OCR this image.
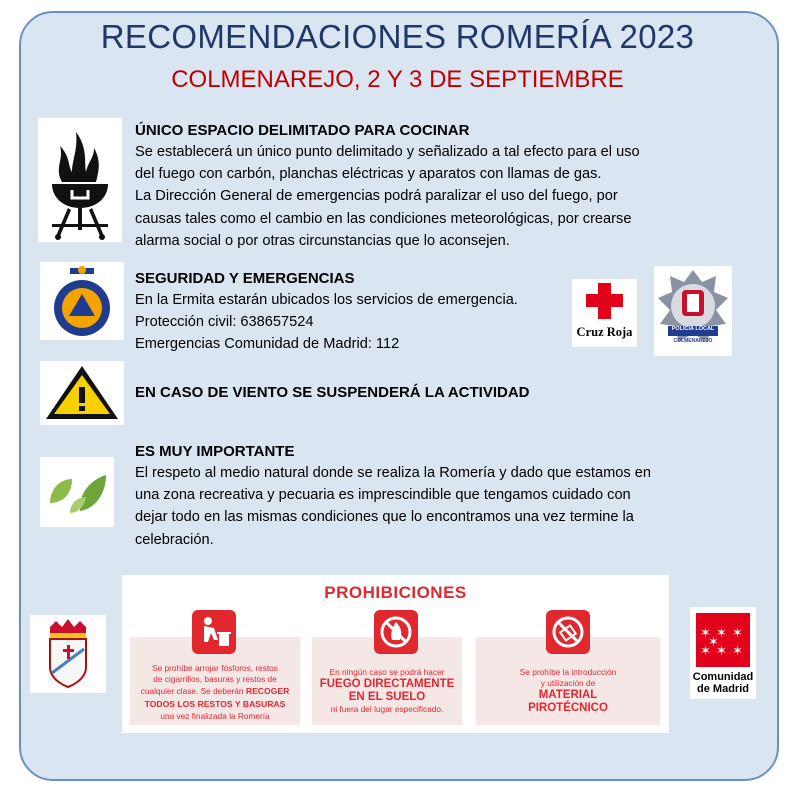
RECOMENDACIONES ROMERÍA 2023
COLMENAREJO, 2 Y 3 DE SEPTIEMBRE
ÚNICO ESPACIO DELIMITADO PARA COCINAR
Se establecerá un único punto delimitado y señalizado a tal efecto para el uso
del fuego con carbón, planchas eléctricas y aparatos con llamas de gas.
La Dirección General de emergencias podrá paralizar el uso del fuego, por
causas tales como el cambio en las condiciones meteorológicas, por crearse
alarma social o por otras circunstancias que lo aconsejen.
SEGURIDAD Y EMERGENCIAS
En la Ermita estarán ubicados los servicios de emergencia.
Protección civil: 638657524
Emergencias Comunidad de Madrid: 112
Cruz Roja	POLICIA LOCAL
COLMENAREJO
EN CASO DE VIENTO SE SUSPENDERÁ LA ACTIVIDAD
ES MUY IMPORTANTE
El respeto al medio natural donde se realiza la Romería y dado que estamos en
una zona recreativa y pecuaria es imprescindible que tengamos cuidado con
dejar todo en las mismas condiciones que lo encontramos una vez termine la
celebración.
✶ ✶ ✶
✶ ✶ ✶
✶
Comunidad
de Madrid
PROHIBICIONES
Se prohíbe arrojar fósforos, restos
de cigarrillos, basuras y restos de
cualquier clase. Se deberán RECOGER
TODOS LOS RESTOS Y BASURAS
una vez finalizada la Romería
En ningún caso se podrá hacer
FUEGO DIRECTAMENTE
EN EL SUELO
ni fuera del lugar especificado.
Se prohíbe la introducción
y utilización de
MATERIAL
PIROTÉCNICO
